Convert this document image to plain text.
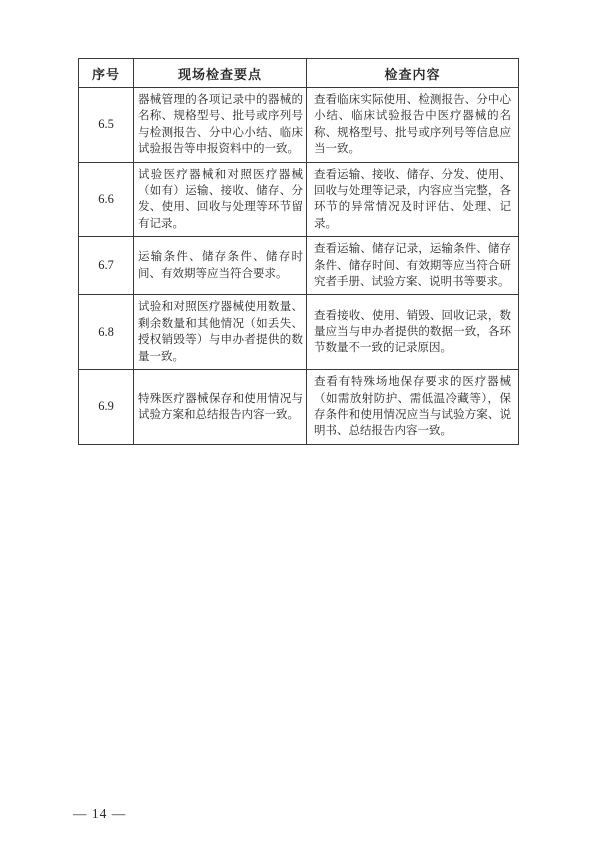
序号	现场检查要点	检查内容
6.5	器械管理的各项记录中的器械的名称、规格型号、批号或序列号与检测报告、分中心小结、临床试验报告等申报资料中的一致。	查看临床实际使用、检测报告、分中心小结、临床试验报告中医疗器械的名称、规格型号、批号或序列号等信息应当一致。
6.6	试验医疗器械和对照医疗器械（如有）运输、接收、储存、分发、使用、回收与处理等环节留有记录。	查看运输、接收、储存、分发、使用、回收与处理等记录，内容应当完整，各环节的异常情况及时评估、处理、记录。
6.7	运输条件、储存条件、储存时间、有效期等应当符合要求。	查看运输、储存记录，运输条件、储存条件、储存时间、有效期等应当符合研究者手册、试验方案、说明书等要求。
6.8	试验和对照医疗器械使用数量、剩余数量和其他情况（如丢失、授权销毁等）与申办者提供的数量一致。	查看接收、使用、销毁、回收记录，数量应当与申办者提供的数据一致，各环节数量不一致的记录原因。
6.9	特殊医疗器械保存和使用情况与试验方案和总结报告内容一致。	查看有特殊场地保存要求的医疗器械（如需放射防护、需低温冷藏等），保存条件和使用情况应当与试验方案、说明书、总结报告内容一致。
— 14 —
